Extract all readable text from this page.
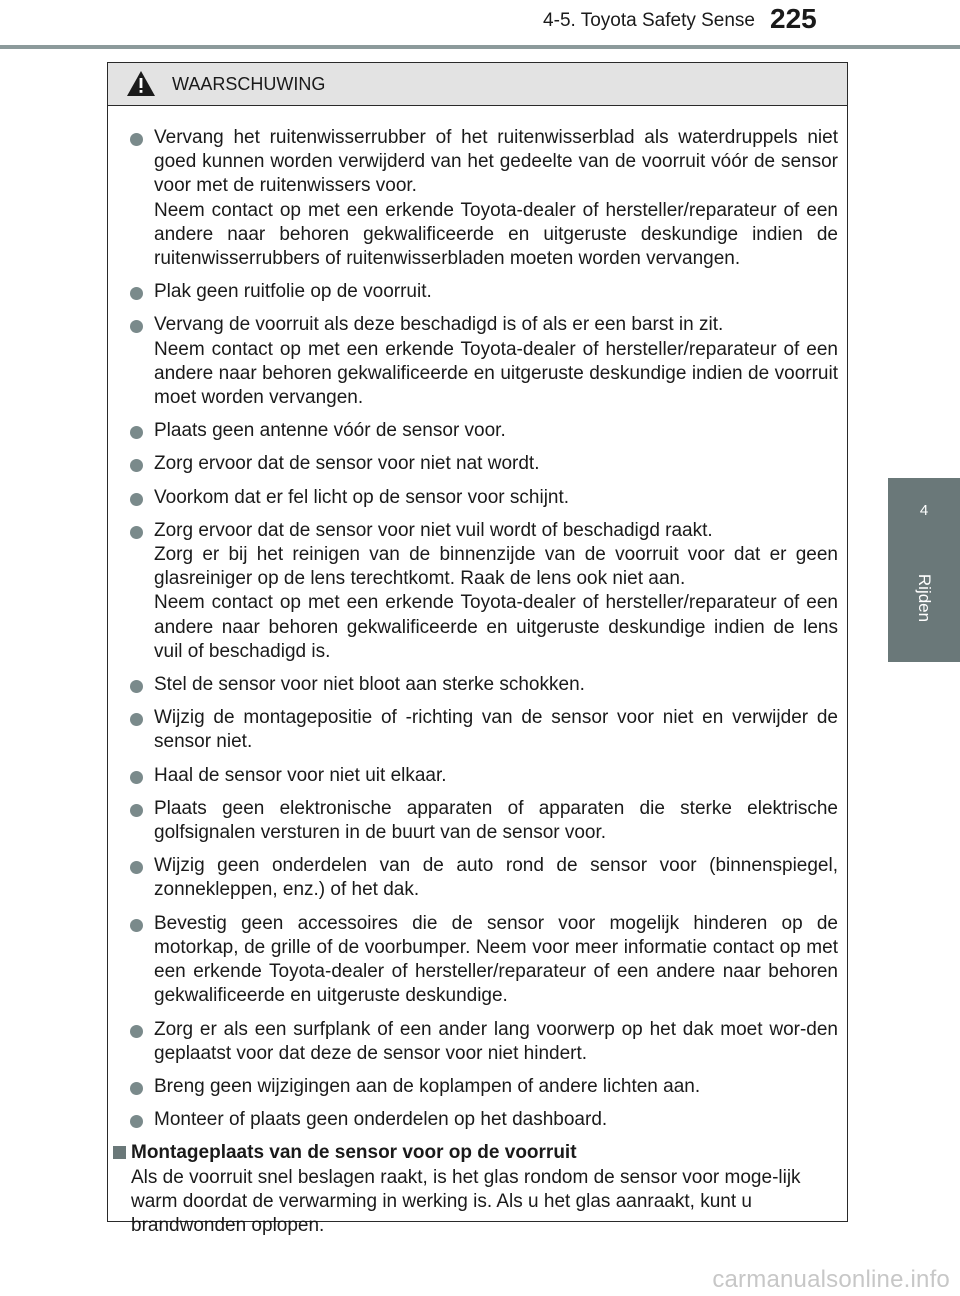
4-5. Toyota Safety Sense 225
4
Rijden
WAARSCHUWING

Vervang het ruitenwisserrubber of het ruitenwisserblad als waterdruppels niet goed kunnen worden verwijderd van het gedeelte van de voorruit vóór de sensor voor met de ruitenwissers voor.

Neem contact op met een erkende Toyota-dealer of hersteller/reparateur of een andere naar behoren gekwalificeerde en uitgeruste deskundige indien de ruitenwisserrubbers of ruitenwisserbladen moeten worden vervangen.

Plak geen ruitfolie op de voorruit.

Vervang de voorruit als deze beschadigd is of als er een barst in zit.

Neem contact op met een erkende Toyota-dealer of hersteller/reparateur of een andere naar behoren gekwalificeerde en uitgeruste deskundige indien de voorruit moet worden vervangen.

Plaats geen antenne vóór de sensor voor.

Zorg ervoor dat de sensor voor niet nat wordt.

Voorkom dat er fel licht op de sensor voor schijnt.

Zorg ervoor dat de sensor voor niet vuil wordt of beschadigd raakt.

Zorg er bij het reinigen van de binnenzijde van de voorruit voor dat er geen glasreiniger op de lens terechtkomt. Raak de lens ook niet aan.

Neem contact op met een erkende Toyota-dealer of hersteller/reparateur of een andere naar behoren gekwalificeerde en uitgeruste deskundige indien de lens vuil of beschadigd is.

Stel de sensor voor niet bloot aan sterke schokken.

Wijzig de montagepositie of -richting van de sensor voor niet en verwijder de sensor niet.

Haal de sensor voor niet uit elkaar.

Plaats geen elektronische apparaten of apparaten die sterke elektrische golfsignalen versturen in de buurt van de sensor voor.

Wijzig geen onderdelen van de auto rond de sensor voor (binnenspiegel, zonnekleppen, enz.) of het dak.

Bevestig geen accessoires die de sensor voor mogelijk hinderen op de motorkap, de grille of de voorbumper. Neem voor meer informatie contact op met een erkende Toyota-dealer of hersteller/reparateur of een andere naar behoren gekwalificeerde en uitgeruste deskundige.

Zorg er als een surfplank of een ander lang voorwerp op het dak moet wor-den geplaatst voor dat deze de sensor voor niet hindert.

Breng geen wijzigingen aan de koplampen of andere lichten aan.

Monteer of plaats geen onderdelen op het dashboard.

Montageplaats van de sensor voor op de voorruit

Als de voorruit snel beslagen raakt, is het glas rondom de sensor voor moge-lijk warm doordat de verwarming in werking is. Als u het glas aanraakt, kunt u brandwonden oplopen.

carmanualsonline.info
